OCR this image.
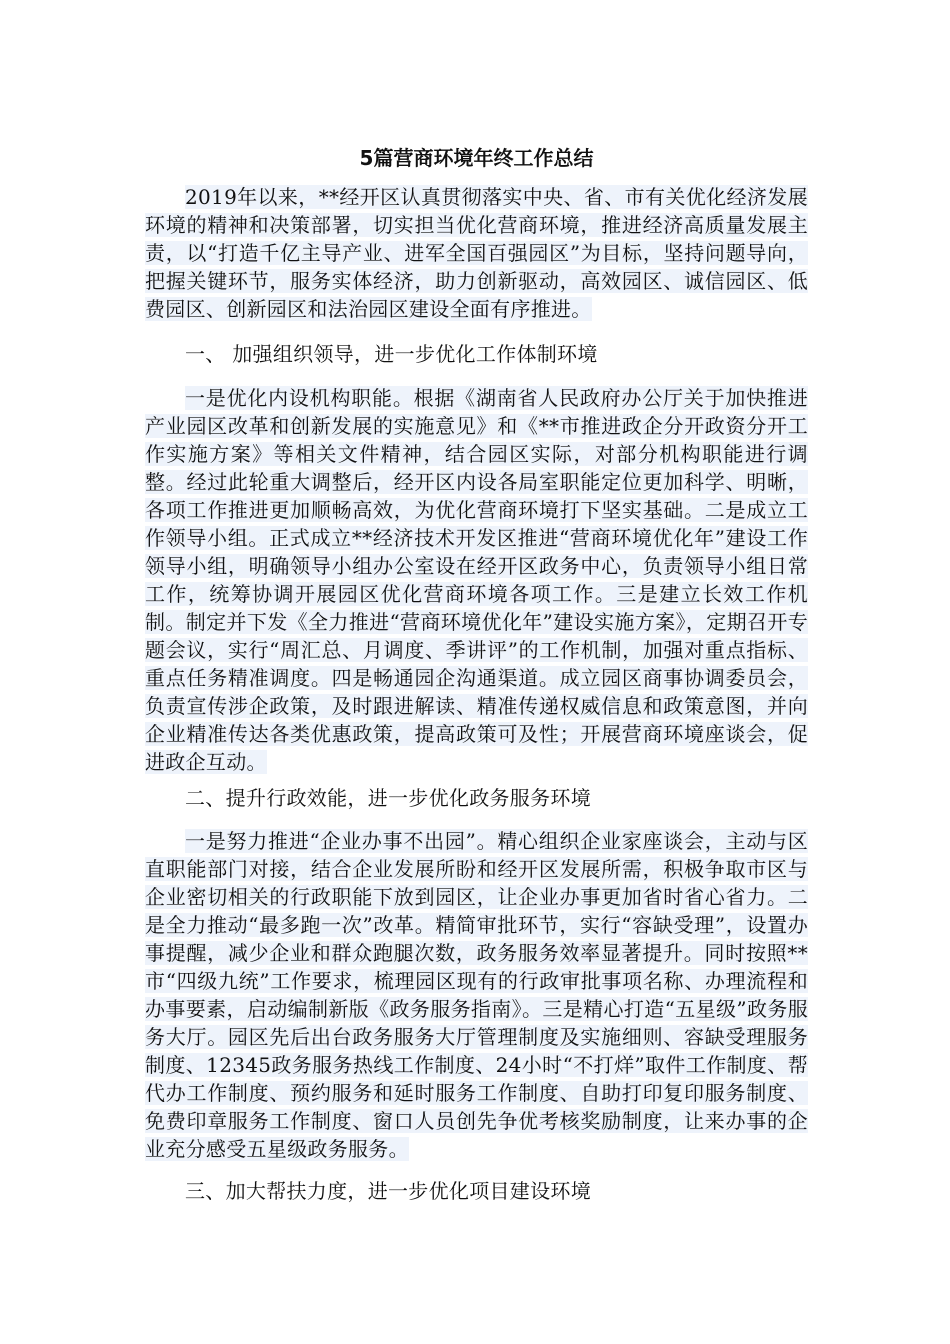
5篇营商环境年终工作总结

2019年以来，**经开区认真贯彻落实中央、省、市有关优化经济发展环境的精神和决策部署，切实担当优化营商环境，推进经济高质量发展主责，以“打造千亿主导产业、进军全国百强园区”为目标，坚持问题导向，把握关键环节，服务实体经济，助力创新驱动，高效园区、诚信园区、低费园区、创新园区和法治园区建设全面有序推进。

一、 加强组织领导，进一步优化工作体制环境

一是优化内设机构职能。根据《湖南省人民政府办公厅关于加快推进产业园区改革和创新发展的实施意见》和《**市推进政企分开政资分开工作实施方案》等相关文件精神，结合园区实际，对部分机构职能进行调整。经过此轮重大调整后，经开区内设各局室职能定位更加科学、明晰，各项工作推进更加顺畅高效，为优化营商环境打下坚实基础。二是成立工作领导小组。正式成立**经济技术开发区推进“营商环境优化年”建设工作领导小组，明确领导小组办公室设在经开区政务中心，负责领导小组日常工作，统筹协调开展园区优化营商环境各项工作。三是建立长效工作机制。制定并下发《全力推进“营商环境优化年”建设实施方案》，定期召开专题会议，实行“周汇总、月调度、季讲评”的工作机制，加强对重点指标、重点任务精准调度。四是畅通园企沟通渠道。成立园区商事协调委员会，负责宣传涉企政策，及时跟进解读、精准传递权威信息和政策意图，并向企业精准传达各类优惠政策，提高政策可及性；开展营商环境座谈会，促进政企互动。

二、提升行政效能，进一步优化政务服务环境

一是努力推进“企业办事不出园”。精心组织企业家座谈会，主动与区直职能部门对接，结合企业发展所盼和经开区发展所需，积极争取市区与企业密切相关的行政职能下放到园区，让企业办事更加省时省心省力。二是全力推动“最多跑一次”改革。精简审批环节，实行“容缺受理”，设置办事提醒，减少企业和群众跑腿次数，政务服务效率显著提升。同时按照**市“四级九统”工作要求，梳理园区现有的行政审批事项名称、办理流程和办事要素，启动编制新版《政务服务指南》。三是精心打造“五星级”政务服务大厅。园区先后出台政务服务大厅管理制度及实施细则、容缺受理服务制度、12345政务服务热线工作制度、24小时“不打烊”取件工作制度、帮代办工作制度、预约服务和延时服务工作制度、自助打印复印服务制度、免费印章服务工作制度、窗口人员创先争优考核奖励制度，让来办事的企业充分感受五星级政务服务。

三、加大帮扶力度，进一步优化项目建设环境
